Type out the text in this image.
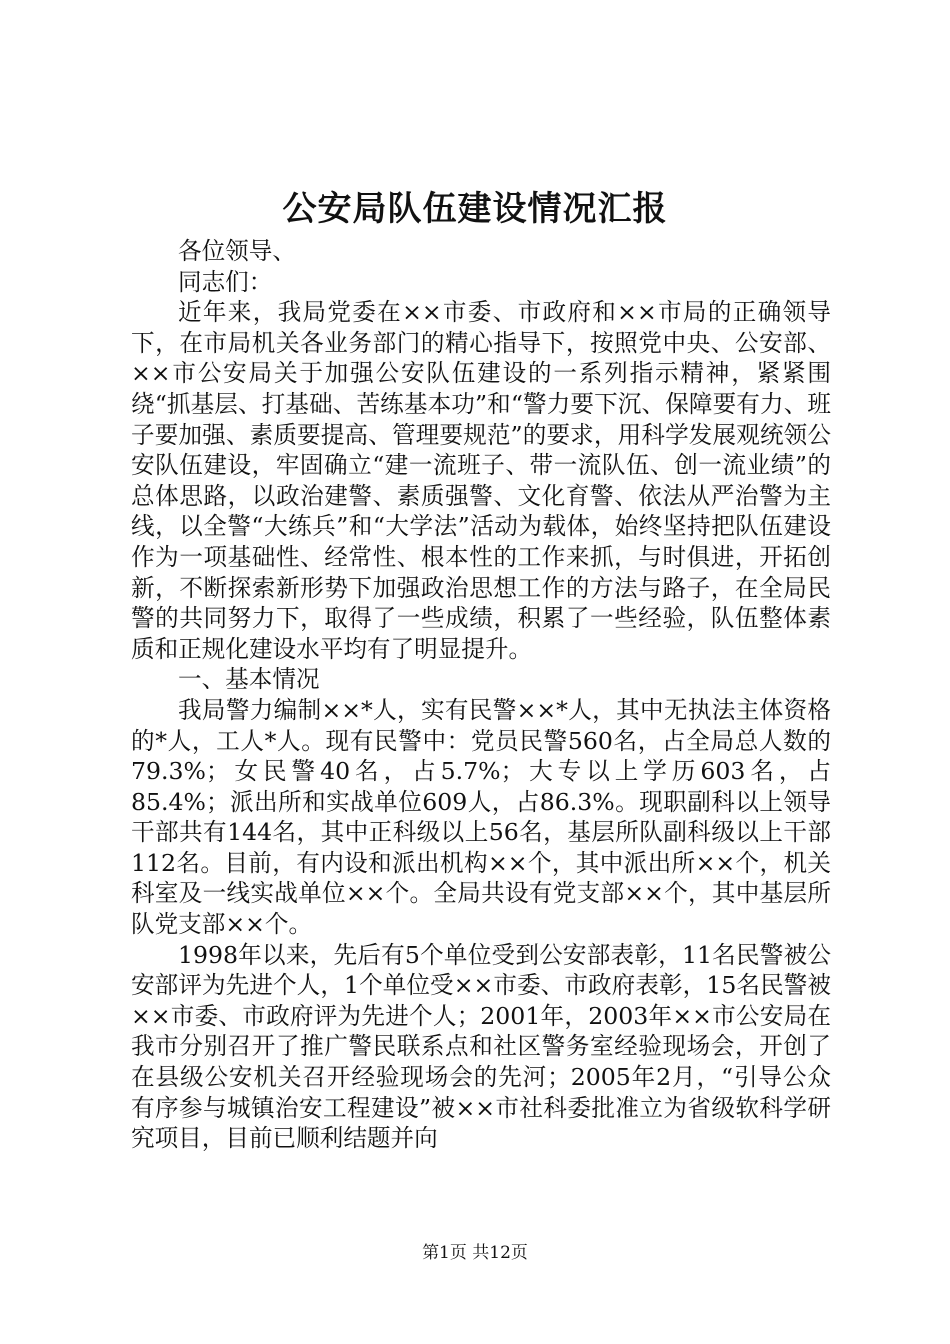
公安局队伍建设情况汇报

各位领导、

同志们：

近年来，我局党委在××市委、市政府和××市局的正确领导下，在市局机关各业务部门的精心指导下，按照党中央、公安部、××市公安局关于加强公安队伍建设的一系列指示精神，紧紧围绕“抓基层、打基础、苦练基本功”和“警力要下沉、保障要有力、班子要加强、素质要提高、管理要规范”的要求，用科学发展观统领公安队伍建设，牢固确立“建一流班子、带一流队伍、创一流业绩”的总体思路，以政治建警、素质强警、文化育警、依法从严治警为主线，以全警“大练兵”和“大学法”活动为载体，始终坚持把队伍建设作为一项基础性、经常性、根本性的工作来抓，与时俱进，开拓创新，不断探索新形势下加强政治思想工作的方法与路子，在全局民警的共同努力下，取得了一些成绩，积累了一些经验，队伍整体素质和正规化建设水平均有了明显提升。

一、基本情况

我局警力编制××*人，实有民警××*人，其中无执法主体资格的*人，工人*人。现有民警中：党员民警560名，占全局总人数的79.3%；女民警40名，占5.7%；大专以上学历603名，占85.4%；派出所和实战单位609人，占86.3%。现职副科以上领导干部共有144名，其中正科级以上56名，基层所队副科级以上干部112名。目前，有内设和派出机构××个，其中派出所××个，机关科室及一线实战单位××个。全局共设有党支部××个，其中基层所队党支部××个。

1998年以来，先后有5个单位受到公安部表彰，11名民警被公安部评为先进个人，1个单位受××市委、市政府表彰，15名民警被××市委、市政府评为先进个人；2001年，2003年××市公安局在我市分别召开了推广警民联系点和社区警务室经验现场会，开创了在县级公安机关召开经验现场会的先河；2005年2月，“引导公众有序参与城镇治安工程建设”被××市社科委批准立为省级软科学研究项目，目前已顺利结题并向

第1页 共12页
